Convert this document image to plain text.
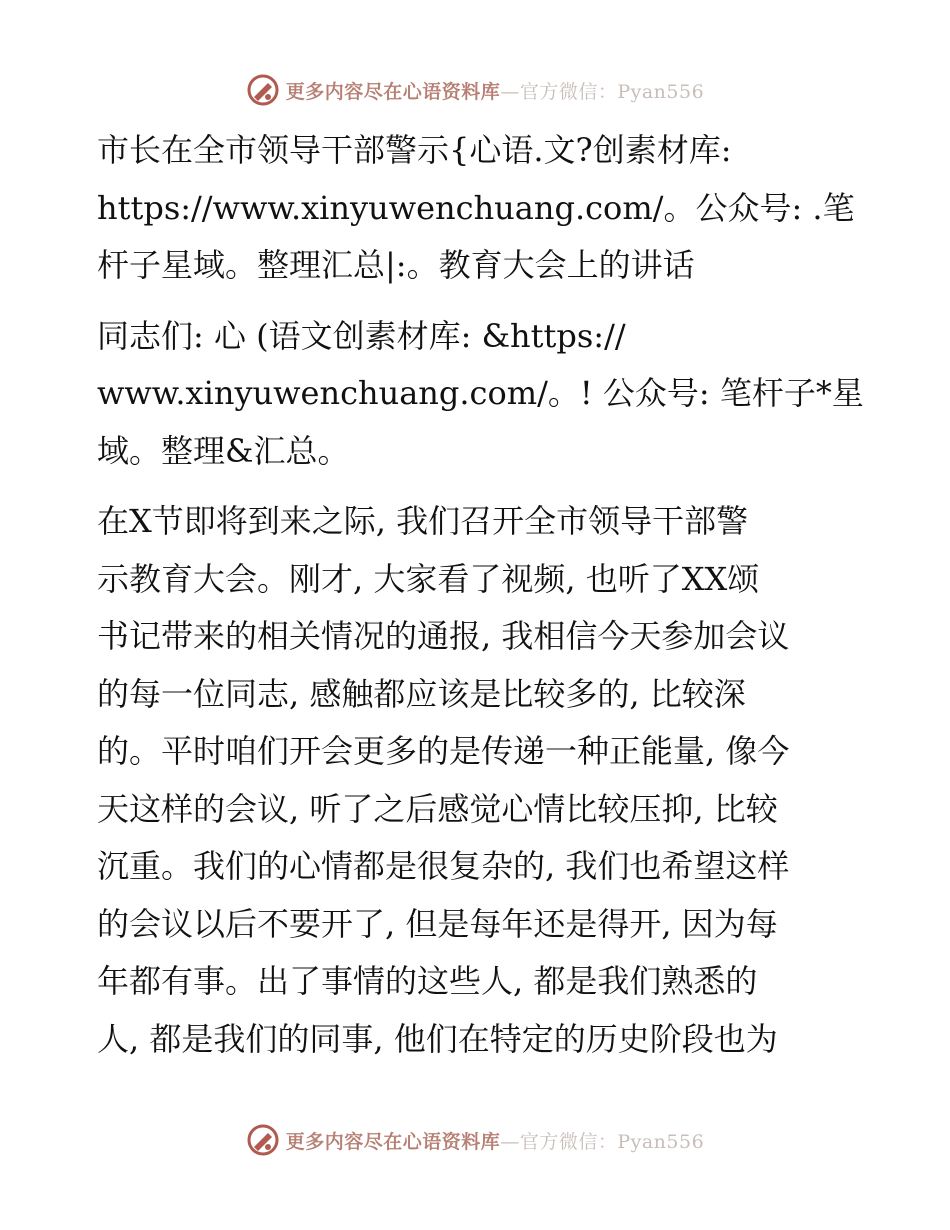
更多内容尽在心语资料库—官方微信：Pyan556

市长在全市领导干部警示{心语.文?创素材库:
https://www.xinyuwenchuang.com/。公众号: .笔
杆子星域。整理汇总|:。教育大会上的讲话

同志们: 心 (语文创素材库: &https://
www.xinyuwenchuang.com/。! 公众号: 笔杆子*星
域。整理&汇总。

在X节即将到来之际, 我们召开全市领导干部警
示教育大会。刚才, 大家看了视频, 也听了XX颂
书记带来的相关情况的通报, 我相信今天参加会议
的每一位同志, 感触都应该是比较多的, 比较深
的。平时咱们开会更多的是传递一种正能量, 像今
天这样的会议, 听了之后感觉心情比较压抑, 比较
沉重。我们的心情都是很复杂的, 我们也希望这样
的会议以后不要开了, 但是每年还是得开, 因为每
年都有事。出了事情的这些人, 都是我们熟悉的
人, 都是我们的同事, 他们在特定的历史阶段也为

更多内容尽在心语资料库—官方微信：Pyan556
